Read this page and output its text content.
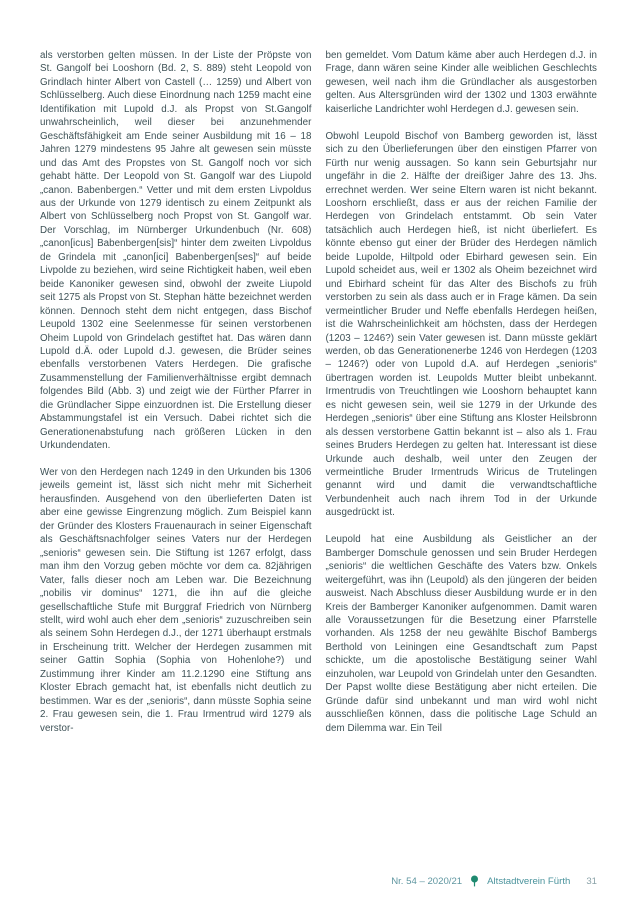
als verstorben gelten müssen. In der Liste der Pröpste von St. Gangolf bei Looshorn (Bd. 2, S. 889) steht Leopold von Grindlach hinter Albert von Castell (… 1259) und Albert von Schlüsselberg. Auch diese Einordnung nach 1259 macht eine Identifikation mit Lupold d.J. als Propst von St.Gangolf unwahrscheinlich, weil dieser bei anzunehmender Geschäftsfähigkeit am Ende seiner Ausbildung mit 16 – 18 Jahren 1279 mindestens 95 Jahre alt gewesen sein müsste und das Amt des Propstes von St. Gangolf noch vor sich gehabt hätte. Der Leopold von St. Gangolf war des Liupold „canon. Babenbergen.“ Vetter und mit dem ersten Livpoldus aus der Urkunde von 1279 identisch zu einem Zeitpunkt als Albert von Schlüsselberg noch Propst von St. Gangolf war. Der Vorschlag, im Nürnberger Urkundenbuch (Nr. 608) „canon[icus] Babenbergen[sis]“ hinter dem zweiten Livpoldus de Grindela mit „canon[ici] Babenbergen[ses]“ auf beide Livpolde zu beziehen, wird seine Richtigkeit haben, weil eben beide Kanoniker gewesen sind, obwohl der zweite Liupold seit 1275 als Propst von St. Stephan hätte bezeichnet werden können. Dennoch steht dem nicht entgegen, dass Bischof Leupold 1302 eine Seelenmesse für seinen verstorbenen Oheim Lupold von Grindelach gestiftet hat. Das wären dann Lupold d.Ä. oder Lupold d.J. gewesen, die Brüder seines ebenfalls verstorbenen Vaters Herdegen. Die grafische Zusammenstellung der Familienverhältnisse ergibt demnach folgendes Bild (Abb. 3) und zeigt wie der Fürther Pfarrer in die Gründlacher Sippe einzuordnen ist. Die Erstellung dieser Abstammungstafel ist ein Versuch. Dabei richtet sich die Generationenabstufung nach größeren Lücken in den Urkundendaten.

Wer von den Herdegen nach 1249 in den Urkunden bis 1306 jeweils gemeint ist, lässt sich nicht mehr mit Sicherheit herausfinden. Ausgehend von den überlieferten Daten ist aber eine gewisse Eingrenzung möglich. Zum Beispiel kann der Gründer des Klosters Frauenaurach in seiner Eigenschaft als Geschäftsnachfolger seines Vaters nur der Herdegen „senioris“ gewesen sein. Die Stiftung ist 1267 erfolgt, dass man ihm den Vorzug geben möchte vor dem ca. 82jährigen Vater, falls dieser noch am Leben war. Die Bezeichnung „nobilis vir dominus“ 1271, die ihn auf die gleiche gesellschaftliche Stufe mit Burggraf Friedrich von Nürnberg stellt, wird wohl auch eher dem „senioris“ zuzuschreiben sein als seinem Sohn Herdegen d.J., der 1271 überhaupt erstmals in Erscheinung tritt. Welcher der Herdegen zusammen mit seiner Gattin Sophia (Sophia von Hohenlohe?) und Zustimmung ihrer Kinder am 11.2.1290 eine Stiftung ans Kloster Ebrach gemacht hat, ist ebenfalls nicht deutlich zu bestimmen. War es der „senioris“, dann müsste Sophia seine 2. Frau gewesen sein, die 1. Frau Irmentrud wird 1279 als verstor-

ben gemeldet. Vom Datum käme aber auch Herdegen d.J. in Frage, dann wären seine Kinder alle weiblichen Geschlechts gewesen, weil nach ihm die Gründlacher als ausgestorben gelten. Aus Altersgründen wird der 1302 und 1303 erwähnte kaiserliche Landrichter wohl Herdegen d.J. gewesen sein.

Obwohl Leupold Bischof von Bamberg geworden ist, lässt sich zu den Überlieferungen über den einstigen Pfarrer von Fürth nur wenig aussagen. So kann sein Geburtsjahr nur ungefähr in die 2. Hälfte der dreißiger Jahre des 13. Jhs. errechnet werden. Wer seine Eltern waren ist nicht bekannt. Looshorn erschließt, dass er aus der reichen Familie der Herdegen von Grindelach entstammt. Ob sein Vater tatsächlich auch Herdegen hieß, ist nicht überliefert. Es könnte ebenso gut einer der Brüder des Herdegen nämlich beide Lupolde, Hiltpold oder Ebirhard gewesen sein. Ein Lupold scheidet aus, weil er 1302 als Oheim bezeichnet wird und Ebirhard scheint für das Alter des Bischofs zu früh verstorben zu sein als dass auch er in Frage kämen. Da sein vermeintlicher Bruder und Neffe ebenfalls Herdegen heißen, ist die Wahrscheinlichkeit am höchsten, dass der Herdegen (1203 – 1246?) sein Vater gewesen ist. Dann müsste geklärt werden, ob das Generationenerbe 1246 von Herdegen (1203 – 1246?) oder von Lupold d.A. auf Herdegen „senioris“ übertragen worden ist. Leupolds Mutter bleibt unbekannt. Irmentrudis von Treuchtlingen wie Looshorn behauptet kann es nicht gewesen sein, weil sie 1279 in der Urkunde des Herdegen „senioris“ über eine Stiftung ans Kloster Heilsbronn als dessen verstorbene Gattin bekannt ist – also als 1. Frau seines Bruders Herdegen zu gelten hat. Interessant ist diese Urkunde auch deshalb, weil unter den Zeugen der vermeintliche Bruder Irmentruds Wiricus de Trutelingen genannt wird und damit die verwandtschaftliche Verbundenheit auch nach ihrem Tod in der Urkunde ausgedrückt ist.

Leupold hat eine Ausbildung als Geistlicher an der Bamberger Domschule genossen und sein Bruder Herdegen „senioris“ die weltlichen Geschäfte des Vaters bzw. Onkels weitergeführt, was ihn (Leupold) als den jüngeren der beiden ausweist. Nach Abschluss dieser Ausbildung wurde er in den Kreis der Bamberger Kanoniker aufgenommen. Damit waren alle Voraussetzungen für die Besetzung einer Pfarrstelle vorhanden. Als 1258 der neu gewählte Bischof Bambergs Berthold von Leiningen eine Gesandtschaft zum Papst schickte, um die apostolische Bestätigung seiner Wahl einzuholen, war Leupold von Grindelah unter den Gesandten. Der Papst wollte diese Bestätigung aber nicht erteilen. Die Gründe dafür sind unbekannt und man wird wohl nicht ausschließen können, dass die politische Lage Schuld an dem Dilemma war. Ein Teil

Nr. 54 – 2020/21	Altstadtverein Fürth 31
